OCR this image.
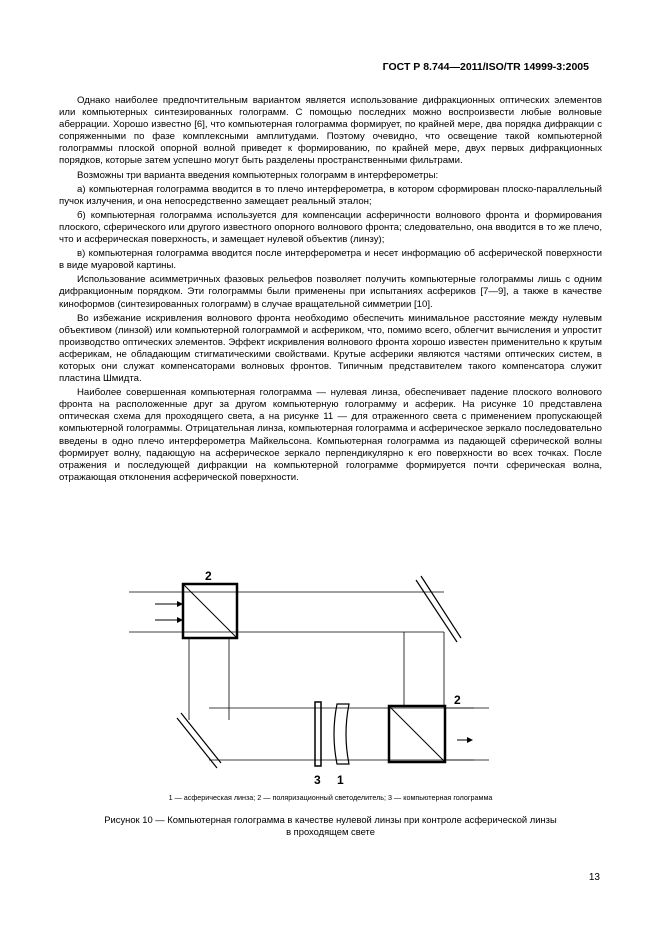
ГОСТ Р 8.744—2011/ISO/TR 14999-3:2005

Однако наиболее предпочтительным вариантом является использование дифракционных оптических элементов или компьютерных синтезированных голограмм. С помощью последних можно воспроизвести любые волновые аберрации. Хорошо известно [6], что компьютерная голограмма формирует, по крайней мере, два порядка дифракции с сопряженными по фазе комплексными амплитудами. Поэтому очевидно, что освещение такой компьютерной голограммы плоской опорной волной приведет к формированию, по крайней мере, двух первых дифракционных порядков, которые затем успешно могут быть разделены пространственными фильтрами.

Возможны три варианта введения компьютерных голограмм в интерферометры:

а) компьютерная голограмма вводится в то плечо интерферометра, в котором сформирован плоско-параллельный пучок излучения, и она непосредственно замещает реальный эталон;

б) компьютерная голограмма используется для компенсации асферичности волнового фронта и формирования плоского, сферического или другого известного опорного волнового фронта; следовательно, она вводится в то же плечо, что и асферическая поверхность, и замещает нулевой объектив (линзу);

в) компьютерная голограмма вводится после интерферометра и несет информацию об асферической поверхности в виде муаровой картины.

Использование асимметричных фазовых рельефов позволяет получить компьютерные голограммы лишь с одним дифракционным порядком. Эти голограммы были применены при испытаниях асфериков [7—9], а также в качестве киноформов (синтезированных голограмм) в случае вращательной симметрии [10].

Во избежание искривления волнового фронта необходимо обеспечить минимальное расстояние между нулевым объективом (линзой) или компьютерной голограммой и асфериком, что, помимо всего, облегчит вычисления и упростит производство оптических элементов. Эффект искривления волнового фронта хорошо известен применительно к крутым асферикам, не обладающим стигматическими свойствами. Крутые асферики являются частями оптических систем, в которых они служат компенсаторами волновых фронтов. Типичным представителем такого компенсатора служит пластина Шмидта.

Наиболее совершенная компьютерная голограмма — нулевая линза, обеспечивает падение плоского волнового фронта на расположенные друг за другом компьютерную голограмму и асферик. На рисунке 10 представлена оптическая схема для проходящего света, а на рисунке 11 — для отраженного света с применением пропускающей компьютерной голограммы. Отрицательная линза, компьютерная голограмма и асферическое зеркало последовательно введены в одно плечо интерферометра Майкельсона. Компьютерная голограмма из падающей сферической волны формирует волну, падающую на асферическое зеркало перпендикулярно к его поверхности во всех точках. После отражения и последующей дифракции на компьютерной голограмме формируется почти сферическая волна, отражающая отклонения асферической поверхности.

2
2
3 1
1 — асферическая линза; 2 — поляризационный светоделитель; 3 — компьютерная голограмма
Рисунок 10 — Компьютерная голограмма в качестве нулевой линзы при контроле асферической линзы
в проходящем свете
13
